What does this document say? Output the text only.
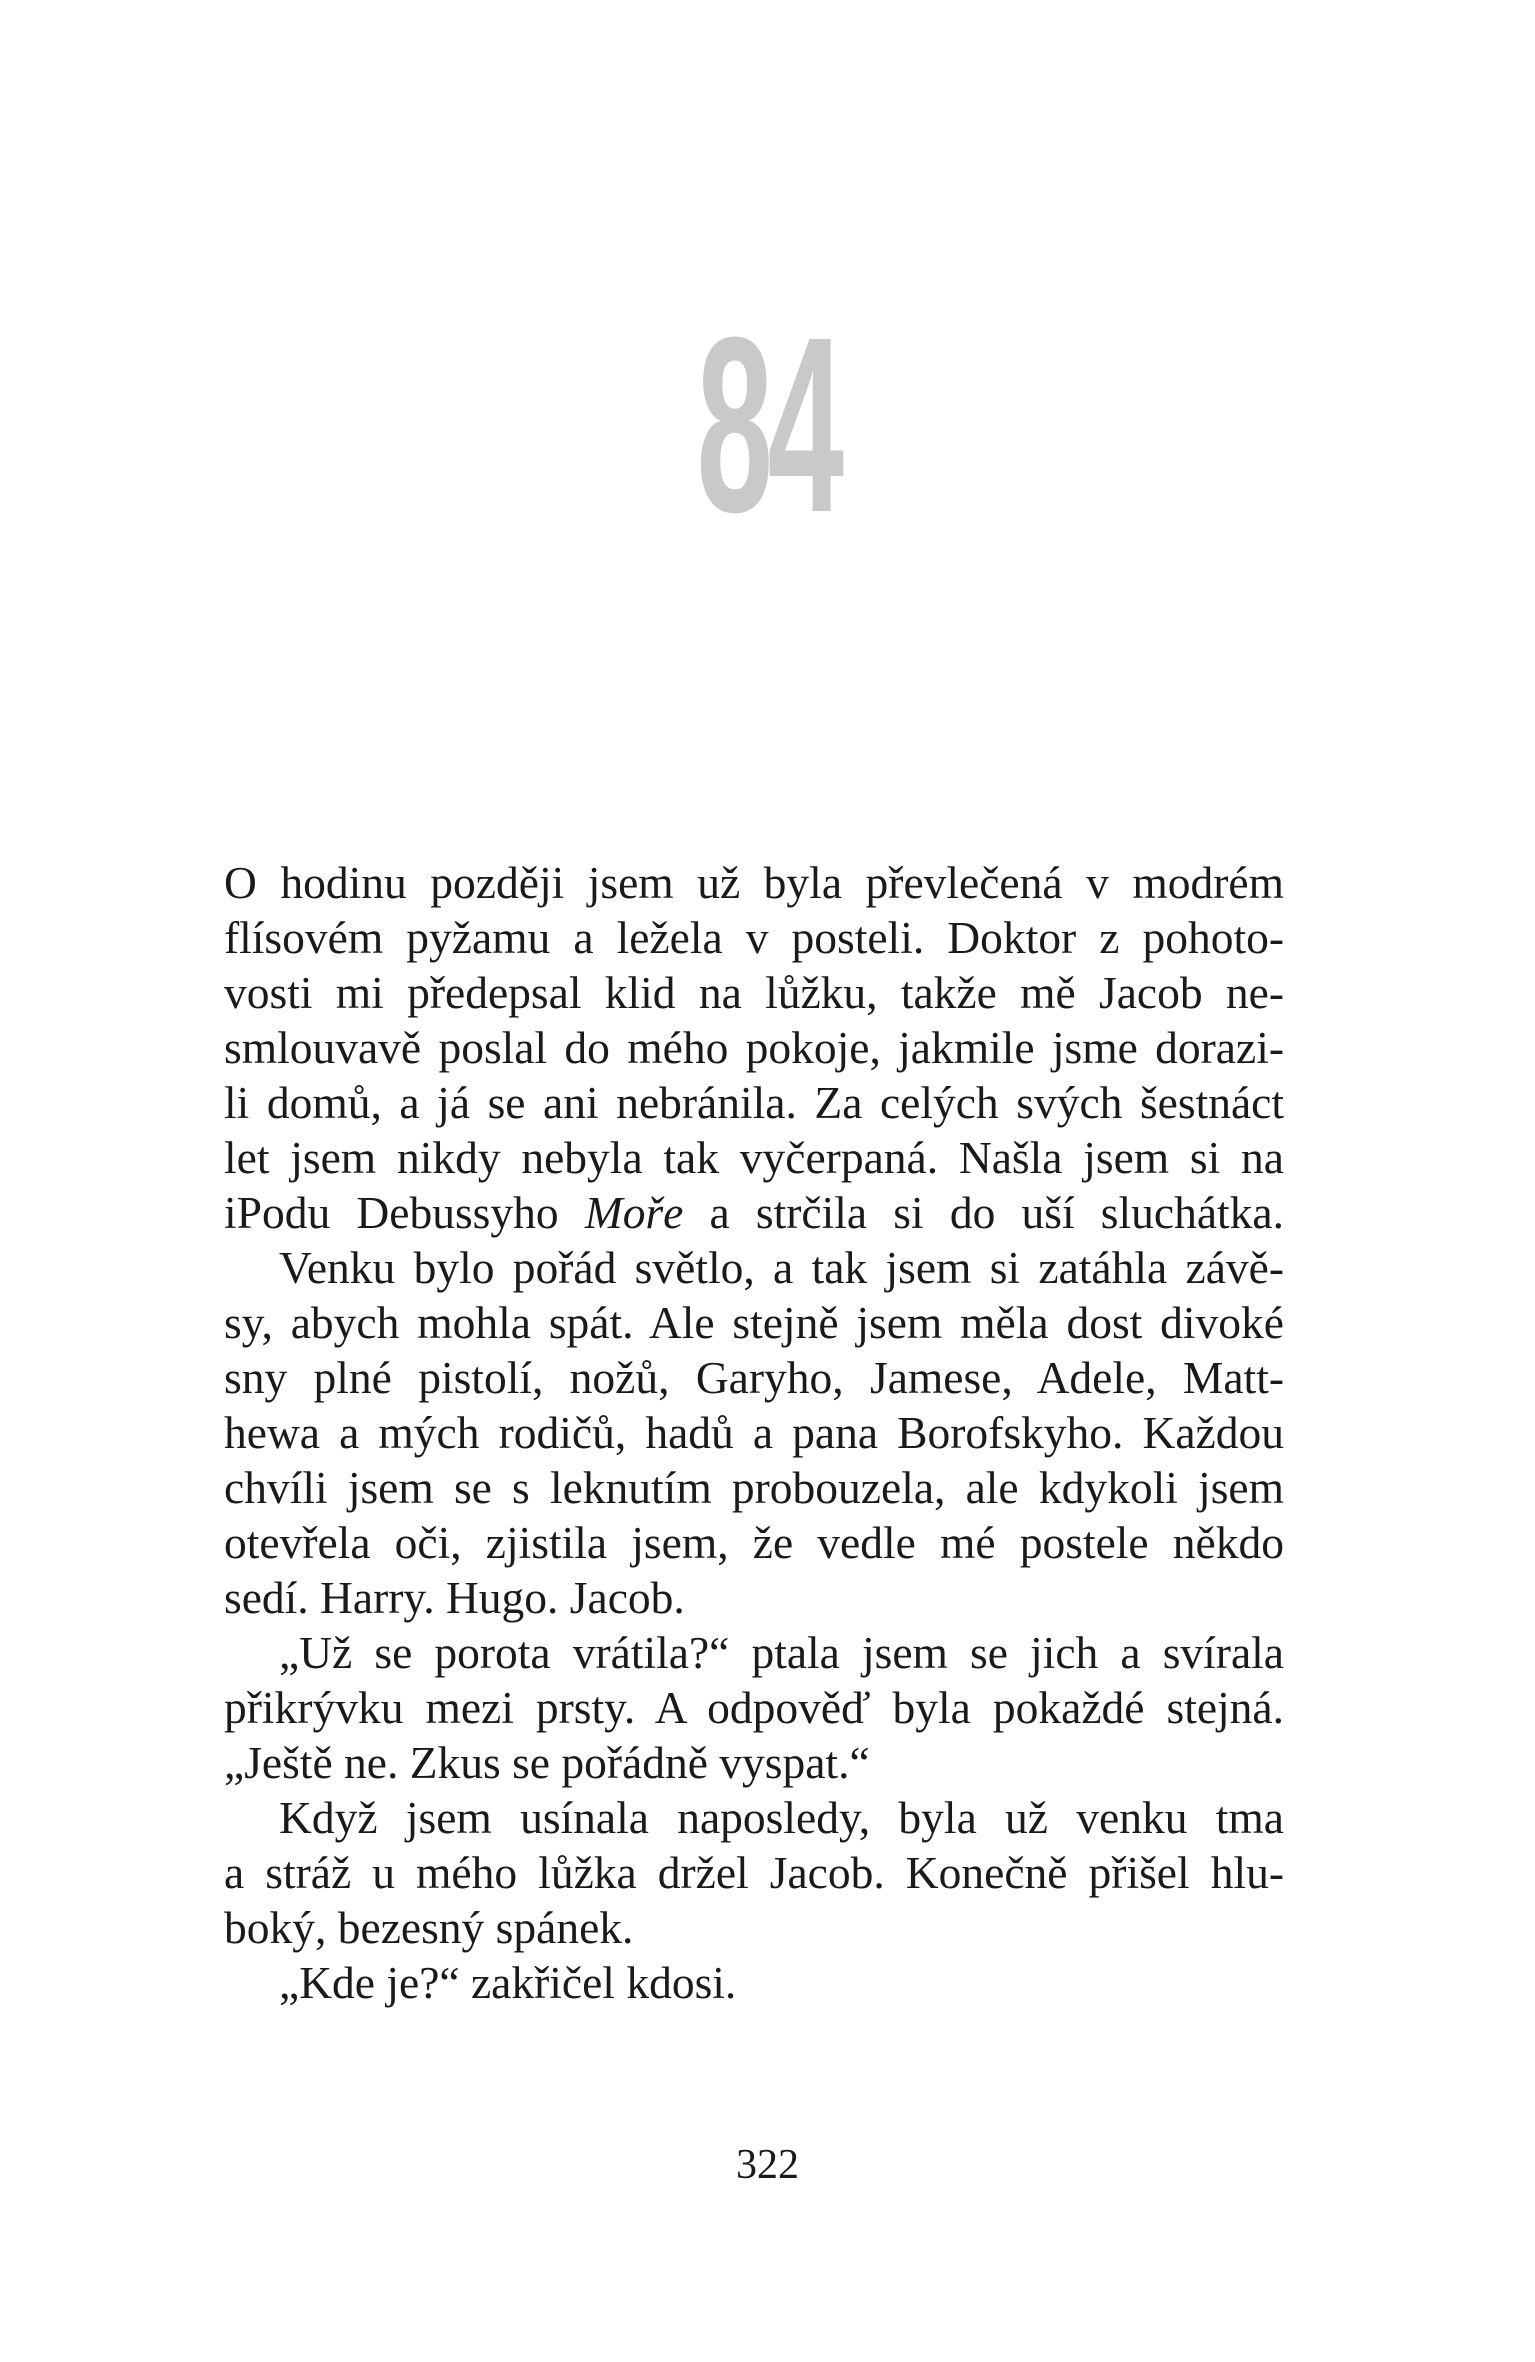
84

O hodinu později jsem už byla převlečená v modrém

flísovém pyžamu a ležela v posteli. Doktor z pohoto-

vosti mi předepsal klid na lůžku, takže mě Jacob ne-

smlouvavě poslal do mého pokoje, jakmile jsme dorazi-

li domů, a já se ani nebránila. Za celých svých šestnáct

let jsem nikdy nebyla tak vyčerpaná. Našla jsem si na

iPodu Debussyho Moře a strčila si do uší sluchátka.

Venku bylo pořád světlo, a tak jsem si zatáhla závě-

sy, abych mohla spát. Ale stejně jsem měla dost divoké

sny plné pistolí, nožů, Garyho, Jamese, Adele, Matt-

hewa a mých rodičů, hadů a pana Borofskyho. Každou

chvíli jsem se s leknutím probouzela, ale kdykoli jsem

otevřela oči, zjistila jsem, že vedle mé postele někdo

sedí. Harry. Hugo. Jacob.

„Už se porota vrátila?“ ptala jsem se jich a svírala

přikrývku mezi prsty. A odpověď byla pokaždé stejná.

„Ještě ne. Zkus se pořádně vyspat.“

Když jsem usínala naposledy, byla už venku tma

a stráž u mého lůžka držel Jacob. Konečně přišel hlu-

boký, bezesný spánek.

„Kde je?“ zakřičel kdosi.

322
